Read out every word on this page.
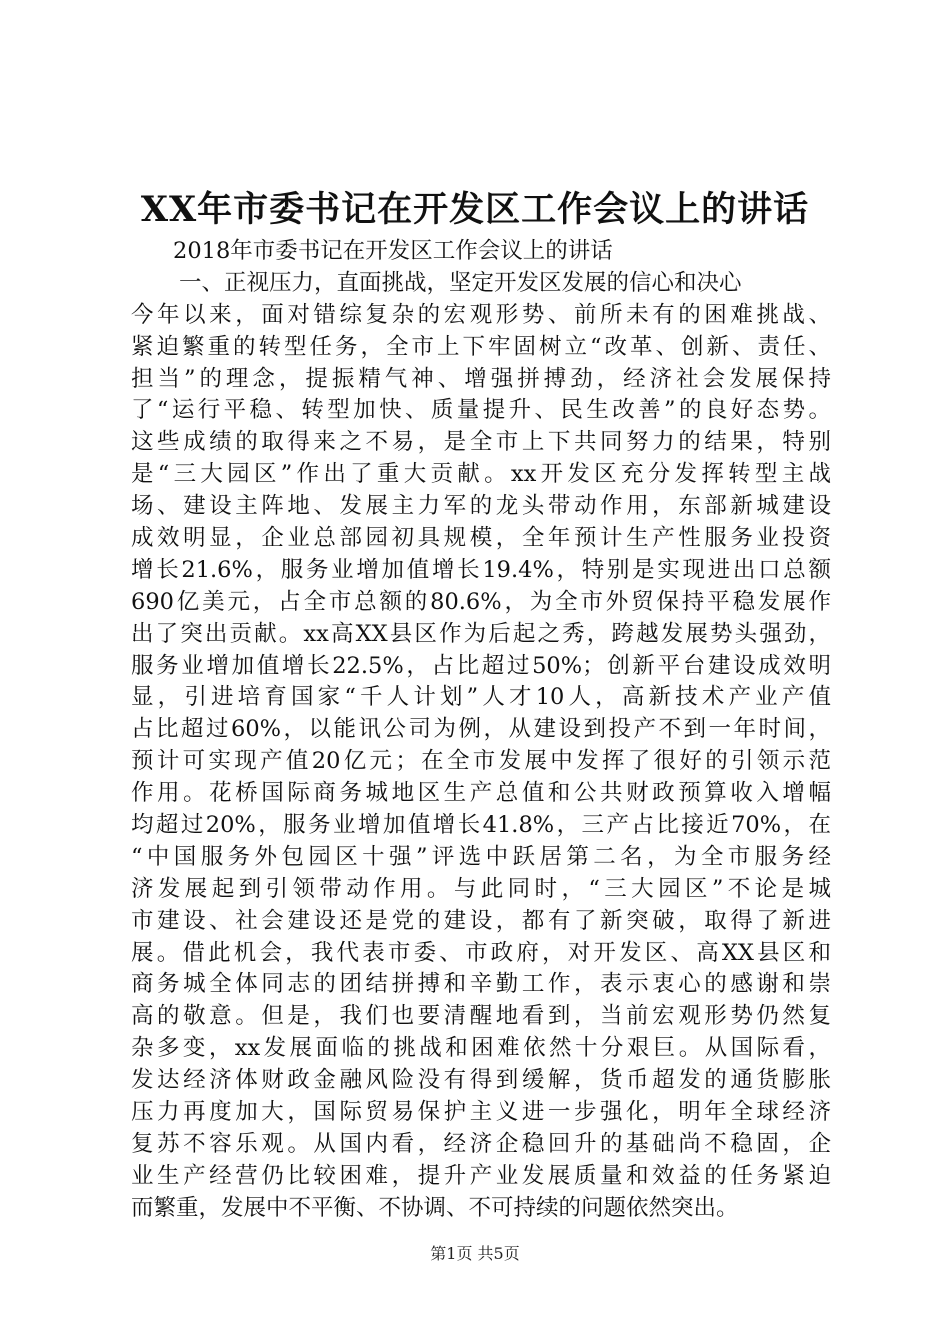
XX年市委书记在开发区工作会议上的讲话
2018年市委书记在开发区工作会议上的讲话
一、正视压力，直面挑战，坚定开发区发展的信心和决心
今年以来，面对错综复杂的宏观形势、前所未有的困难挑战、
紧迫繁重的转型任务，全市上下牢固树立“改革、创新、责任、
担当”的理念，提振精气神、增强拼搏劲，经济社会发展保持
了“运行平稳、转型加快、质量提升、民生改善”的良好态势。
这些成绩的取得来之不易，是全市上下共同努力的结果，特别
是“三大园区”作出了重大贡献。xx开发区充分发挥转型主战
场、建设主阵地、发展主力军的龙头带动作用，东部新城建设
成效明显，企业总部园初具规模，全年预计生产性服务业投资
增长21.6%，服务业增加值增长19.4%，特别是实现进出口总额
690亿美元，占全市总额的80.6%，为全市外贸保持平稳发展作
出了突出贡献。xx高XX县区作为后起之秀，跨越发展势头强劲，
服务业增加值增长22.5%，占比超过50%；创新平台建设成效明
显，引进培育国家“千人计划”人才10人，高新技术产业产值
占比超过60%，以能讯公司为例，从建设到投产不到一年时间，
预计可实现产值20亿元；在全市发展中发挥了很好的引领示范
作用。花桥国际商务城地区生产总值和公共财政预算收入增幅
均超过20%，服务业增加值增长41.8%，三产占比接近70%，在
“中国服务外包园区十强”评选中跃居第二名，为全市服务经
济发展起到引领带动作用。与此同时，“三大园区”不论是城
市建设、社会建设还是党的建设，都有了新突破，取得了新进
展。借此机会，我代表市委、市政府，对开发区、高XX县区和
商务城全体同志的团结拼搏和辛勤工作，表示衷心的感谢和崇
高的敬意。但是，我们也要清醒地看到，当前宏观形势仍然复
杂多变，xx发展面临的挑战和困难依然十分艰巨。从国际看，
发达经济体财政金融风险没有得到缓解，货币超发的通货膨胀
压力再度加大，国际贸易保护主义进一步强化，明年全球经济
复苏不容乐观。从国内看，经济企稳回升的基础尚不稳固，企
业生产经营仍比较困难，提升产业发展质量和效益的任务紧迫
而繁重，发展中不平衡、不协调、不可持续的问题依然突出。
第1页 共5页
